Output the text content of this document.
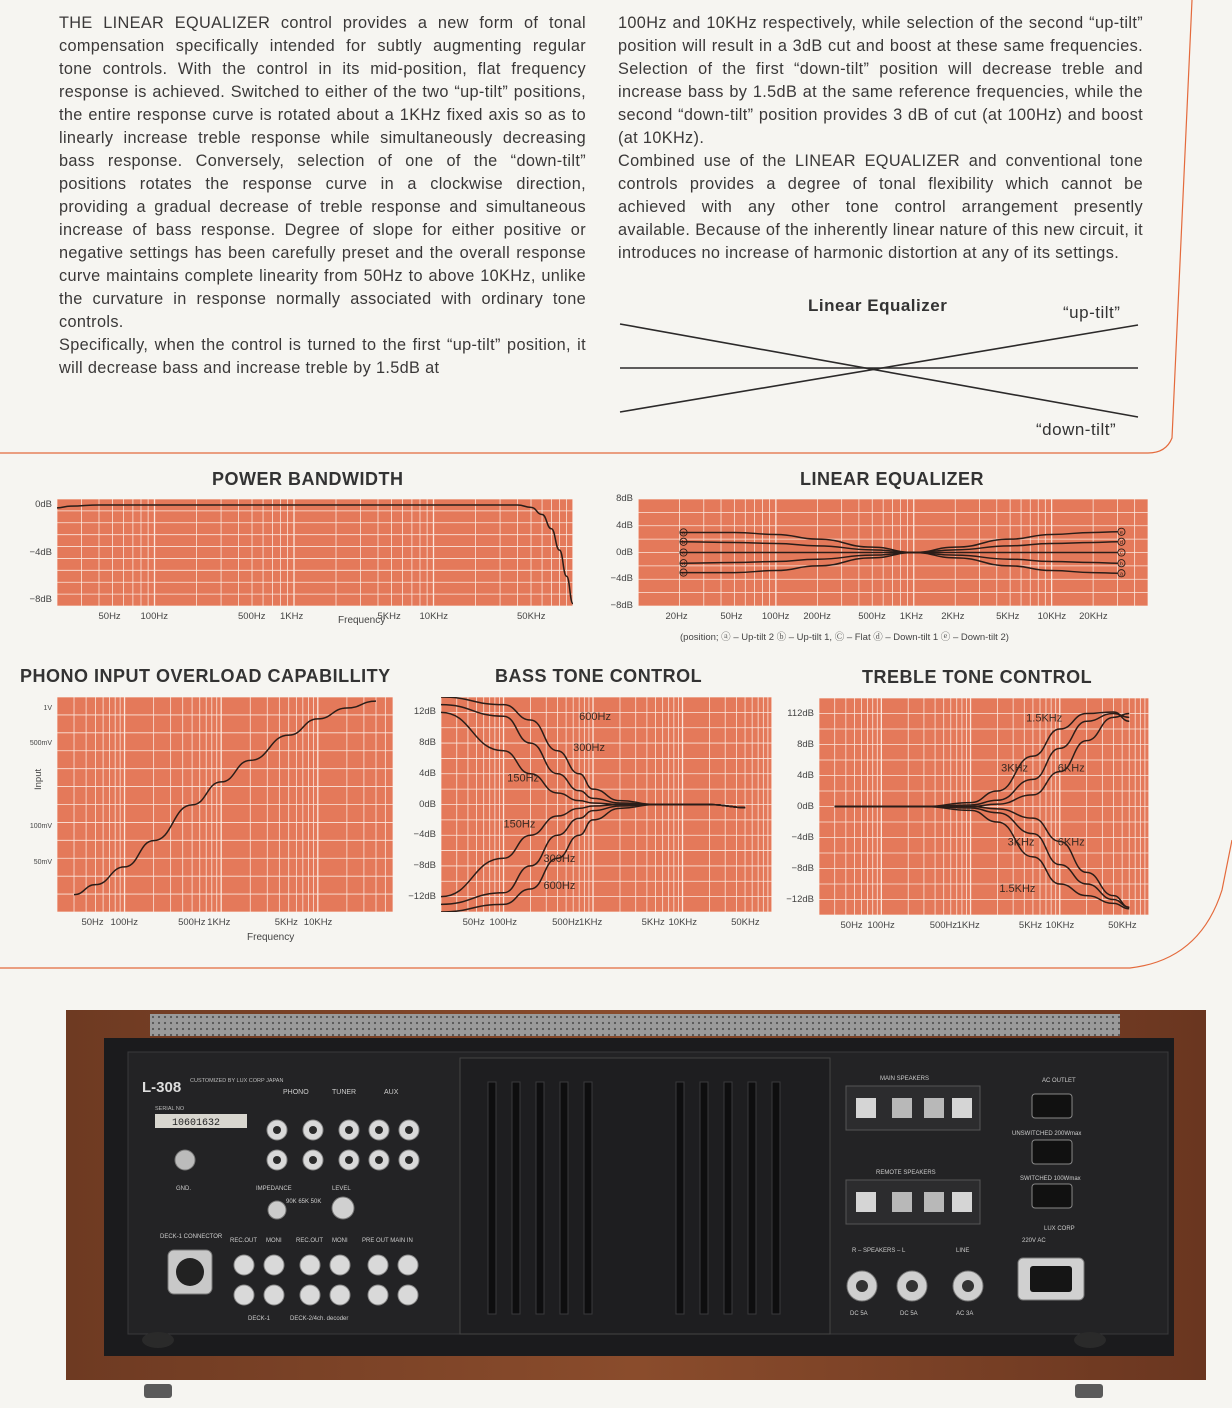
THE LINEAR EQUALIZER control provides a new form of tonal compensation specifically intended for subtly augmenting regular tone controls. With the control in its mid-position, flat frequency response is achieved. Switched to either of the two “up-tilt” positions, the entire response curve is rotated about a 1KHz fixed axis so as to linearly increase treble response while simultaneously decreasing bass response. Conversely, selection of one of the “down-tilt” positions rotates the response curve in a clockwise direction, providing a gradual decrease of treble response and simultaneous increase of bass response. Degree of slope for either positive or negative settings has been carefully preset and the overall response curve maintains complete linearity from 50Hz to above 10KHz, unlike the curvature in response normally associated with ordinary tone controls.

Specifically, when the control is turned to the first “up-tilt” position, it will decrease bass and increase treble by 1.5dB at

100Hz and 10KHz respectively, while selection of the second “up-tilt” position will result in a 3dB cut and boost at these same frequencies. Selection of the first “down-tilt” position will decrease treble and increase bass by 1.5dB at the same reference frequencies, while the second “down-tilt” position provides 3 dB of cut (at 100Hz) and boost (at 10KHz).

Combined use of the LINEAR EQUALIZER and conventional tone controls provides a degree of tonal flexibility which cannot be achieved with any other tone control arrangement presently available. Because of the inherently linear nature of this new circuit, it introduces no increase of harmonic distortion at any of its settings.

Linear Equalizer	“up-tilt”
“down-tilt”
POWER BANDWIDTH	LINEAR EQUALIZER
PHONO INPUT OVERLOAD CAPABILLITY	BASS TONE CONTROL	TREBLE TONE CONTROL
Frequency
Frequency
Input
(position; ⓐ – Up-tilt 2 ⓑ – Up-tilt 1, Ⓒ – Flat ⓓ – Down-tilt 1 ⓔ – Down-tilt 2)
a
a
b
b
c	c
d
d
e
e
600Hz
300Hz
150Hz
150Hz
300Hz
600Hz
1.5KHz
3KHz	6KHz
3KHz 6KHz
1.5KHz
L-308 CUSTOMIZED BY LUX CORP JAPAN
SERIAL NO
10601632
PHONO	TUNER	AUX
GND.	IMPEDANCE
90K 65K 50K
LEVEL
DECK-1 CONNECTOR
REC.OUT MONI REC.OUT MONI PRE OUT MAIN IN
DECK-1	DECK-2/4ch. decoder
MAIN SPEAKERS
REMOTE SPEAKERS
R – SPEAKERS – L	LINE
DC 5A	DC 5A	AC 3A
AC OUTLET
UNSWITCHED 200Wmax
SWITCHED 100Wmax
LUX CORP
220V AC
50Hz 100Hz	500Hz 1KHz	5KHz 10KHz	50KHz
0dB
−4dB
−8dB
20Hz	50Hz 100Hz 200Hz	500Hz 1KHz 2KHz	5KHz 10KHz 20KHz
8dB
4dB
0dB
−4dB
−8dB
50Hz 100Hz	500Hz 1KHz	5KHz 10KHz
1V
500mV
100mV
50mV
50Hz 100Hz	500Hz 1KHz	5KHz 10KHz	50KHz
12dB
8dB
4dB
0dB
−4dB
−8dB
−12dB
50Hz 100Hz	500Hz 1KHz	5KHz 10KHz	50KHz
112dB
8dB
4dB
0dB
−4dB
−8dB
−12dB
